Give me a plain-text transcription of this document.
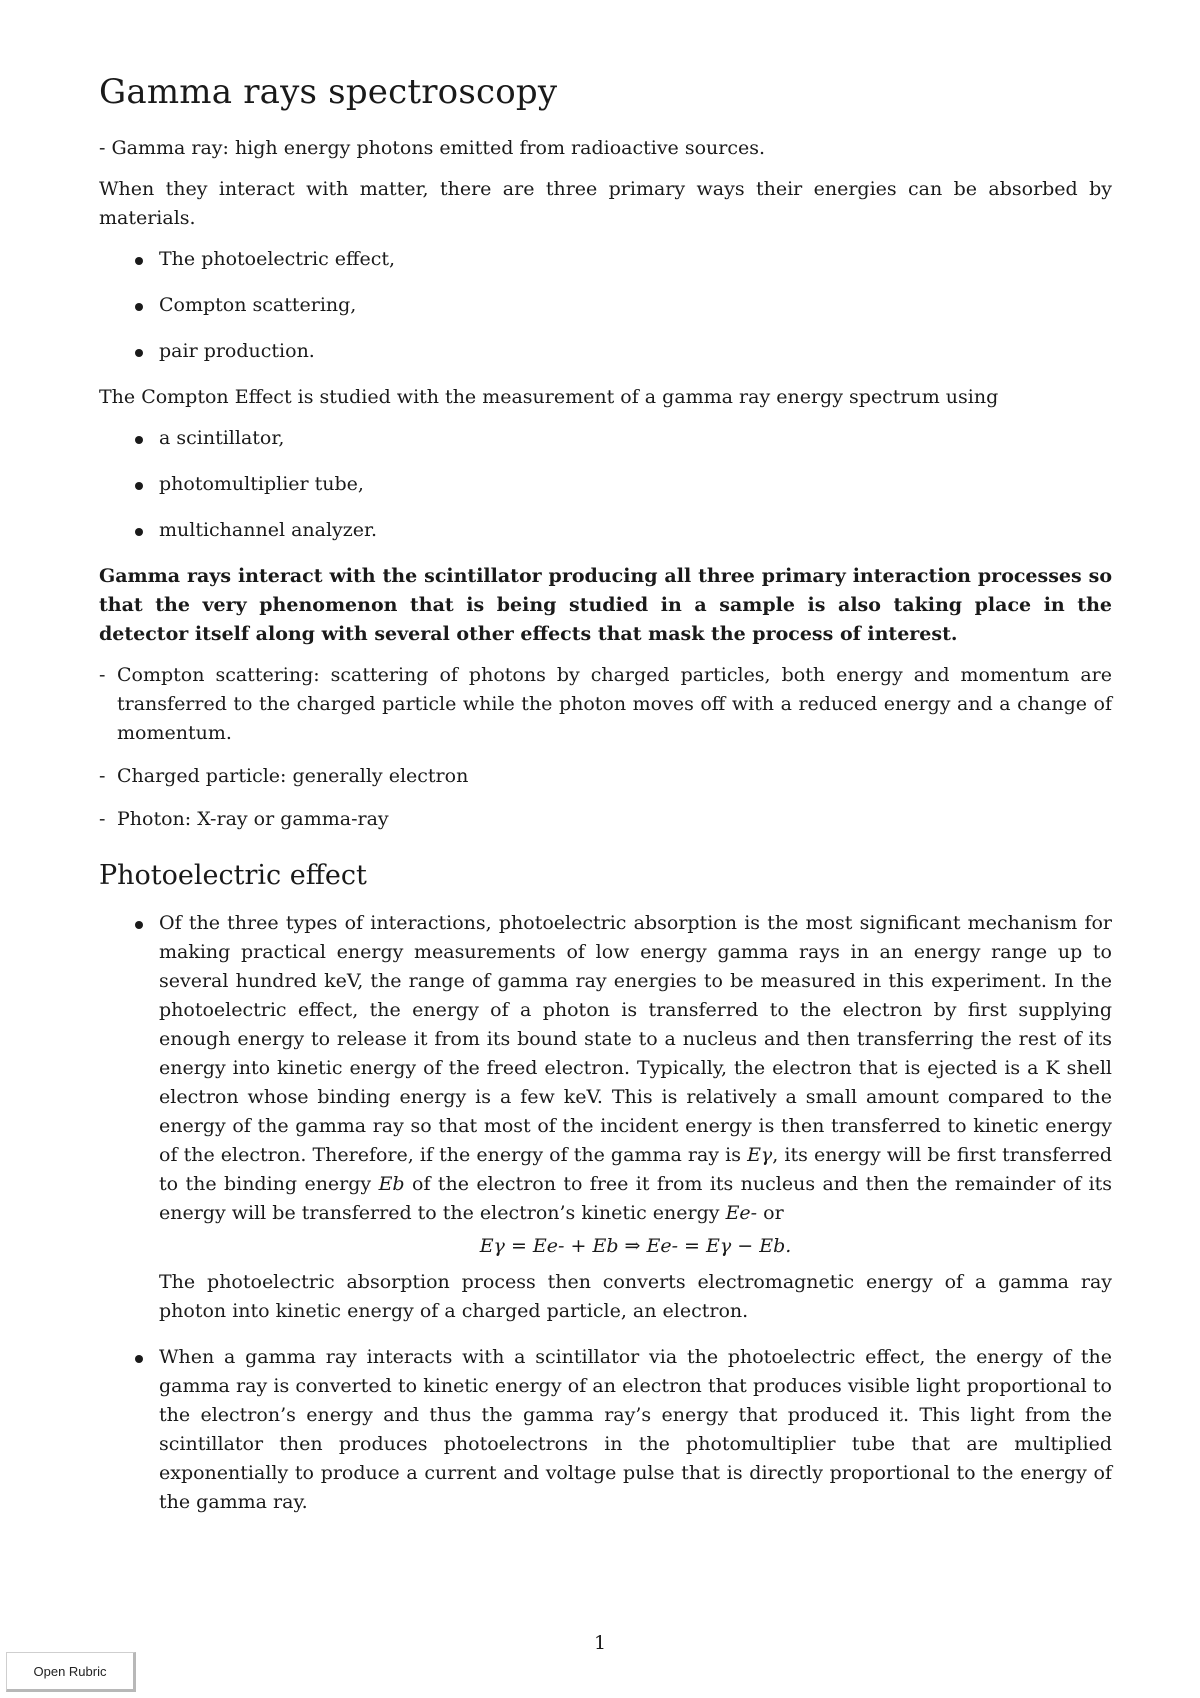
Gamma rays spectroscopy

- Gamma ray: high energy photons emitted from radioactive sources.

When they interact with matter, there are three primary ways their energies can be absorbed by materials.

The photoelectric effect,
Compton scattering,
pair production.

The Compton Effect is studied with the measurement of a gamma ray energy spectrum using

a scintillator,
photomultiplier tube,
multichannel analyzer.

Gamma rays interact with the scintillator producing all three primary interaction processes so that the very phenomenon that is being studied in a sample is also taking place in the detector itself along with several other effects that mask the process of interest.

- Compton scattering: scattering of photons by charged particles, both energy and momentum are transferred to the charged particle while the photon moves off with a reduced energy and a change of momentum.

- Charged particle: generally electron

- Photon: X-ray or gamma-ray

Photoelectric effect
Of the three types of interactions, photoelectric absorption is the most significant mechanism for making practical energy measurements of low energy gamma rays in an energy range up to several hundred keV, the range of gamma ray energies to be measured in this experiment. In the photoelectric effect, the energy of a photon is transferred to the electron by first supplying enough energy to release it from its bound state to a nucleus and then transferring the rest of its energy into kinetic energy of the freed electron. Typically, the electron that is ejected is a K shell electron whose binding energy is a few keV. This is relatively a small amount compared to the energy of the gamma ray so that most of the incident energy is then transferred to kinetic energy of the electron. Therefore, if the energy of the gamma ray is Eγ, its energy will be first transferred to the binding energy Eb of the electron to free it from its nucleus and then the remainder of its energy will be transferred to the electron’s kinetic energy Ee- or
Eγ = Ee- + Eb ⇒ Ee- = Eγ − Eb.
The photoelectric absorption process then converts electromagnetic energy of a gamma ray photon into kinetic energy of a charged particle, an electron.
When a gamma ray interacts with a scintillator via the photoelectric effect, the energy of the gamma ray is converted to kinetic energy of an electron that produces visible light proportional to the electron’s energy and thus the gamma ray’s energy that produced it. This light from the scintillator then produces photoelectrons in the photomultiplier tube that are multiplied exponentially to produce a current and voltage pulse that is directly proportional to the energy of the gamma ray.
1
Open Rubric
